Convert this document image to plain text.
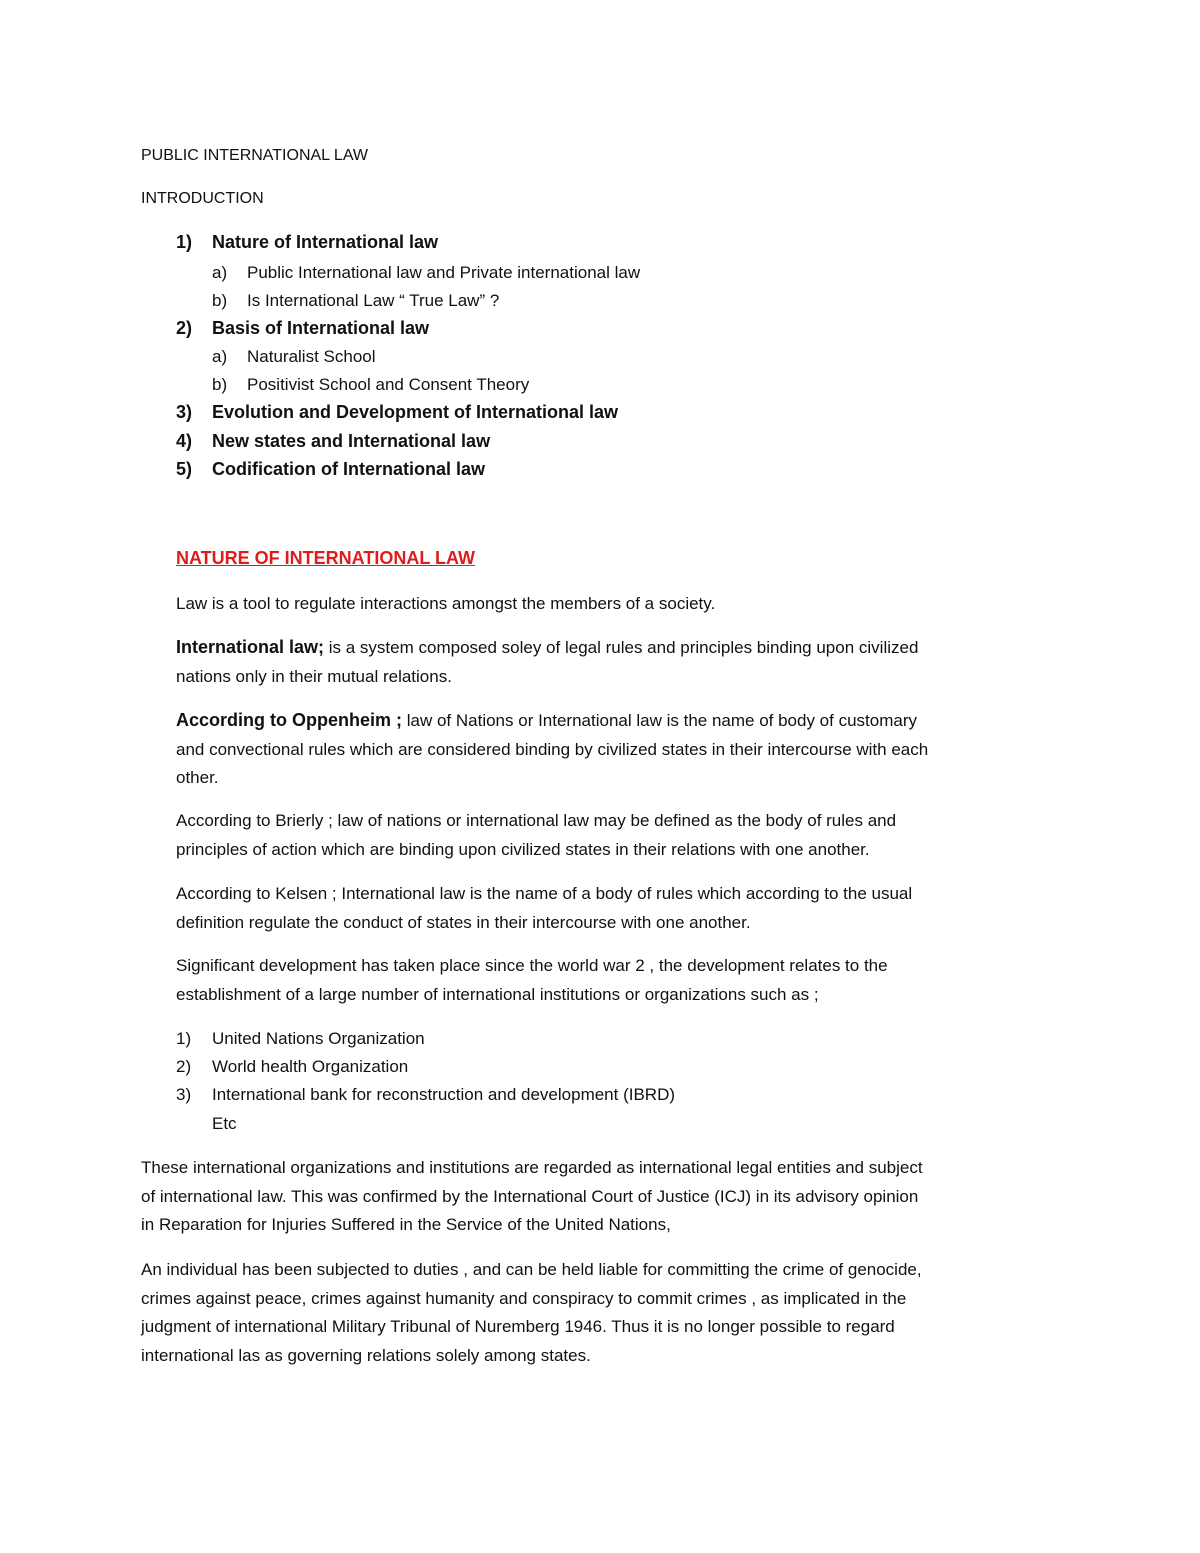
PUBLIC INTERNATIONAL LAW
INTRODUCTION
1) Nature of International law
a) Public International law and Private international law
b) Is International Law “ True Law” ?
2) Basis of International law
a) Naturalist School
b) Positivist School and Consent Theory
3) Evolution and Development of International law
4) New states and International law
5) Codification of International law
NATURE OF INTERNATIONAL LAW
Law is a tool to regulate interactions amongst the members of a society.
International law; is a system composed soley of legal rules and principles binding upon civilized
nations only in their mutual relations.
According to Oppenheim ; law of Nations or International law is the name of body of customary
and convectional rules which are considered binding by civilized states in their intercourse with each
other.
According to Brierly ; law of nations or international law may be defined as the body of rules and
principles of action which are binding upon civilized states in their relations with one another.
According to Kelsen ; International law is the name of a body of rules which according to the usual
definition regulate the conduct of states in their intercourse with one another.
Significant development has taken place since the world war 2 , the development relates to the
establishment of a large number of international institutions or organizations such as ;
1) United Nations Organization
2) World health Organization
3) International bank for reconstruction and development (IBRD)
Etc
These international organizations and institutions are regarded as international legal entities and subject
of international law. This was confirmed by the International Court of Justice (ICJ) in its advisory opinion
in Reparation for Injuries Suffered in the Service of the United Nations,
An individual has been subjected to duties , and can be held liable for committing the crime of genocide,
crimes against peace, crimes against humanity and conspiracy to commit crimes , as implicated in the
judgment of international Military Tribunal of Nuremberg 1946. Thus it is no longer possible to regard
international las as governing relations solely among states.
